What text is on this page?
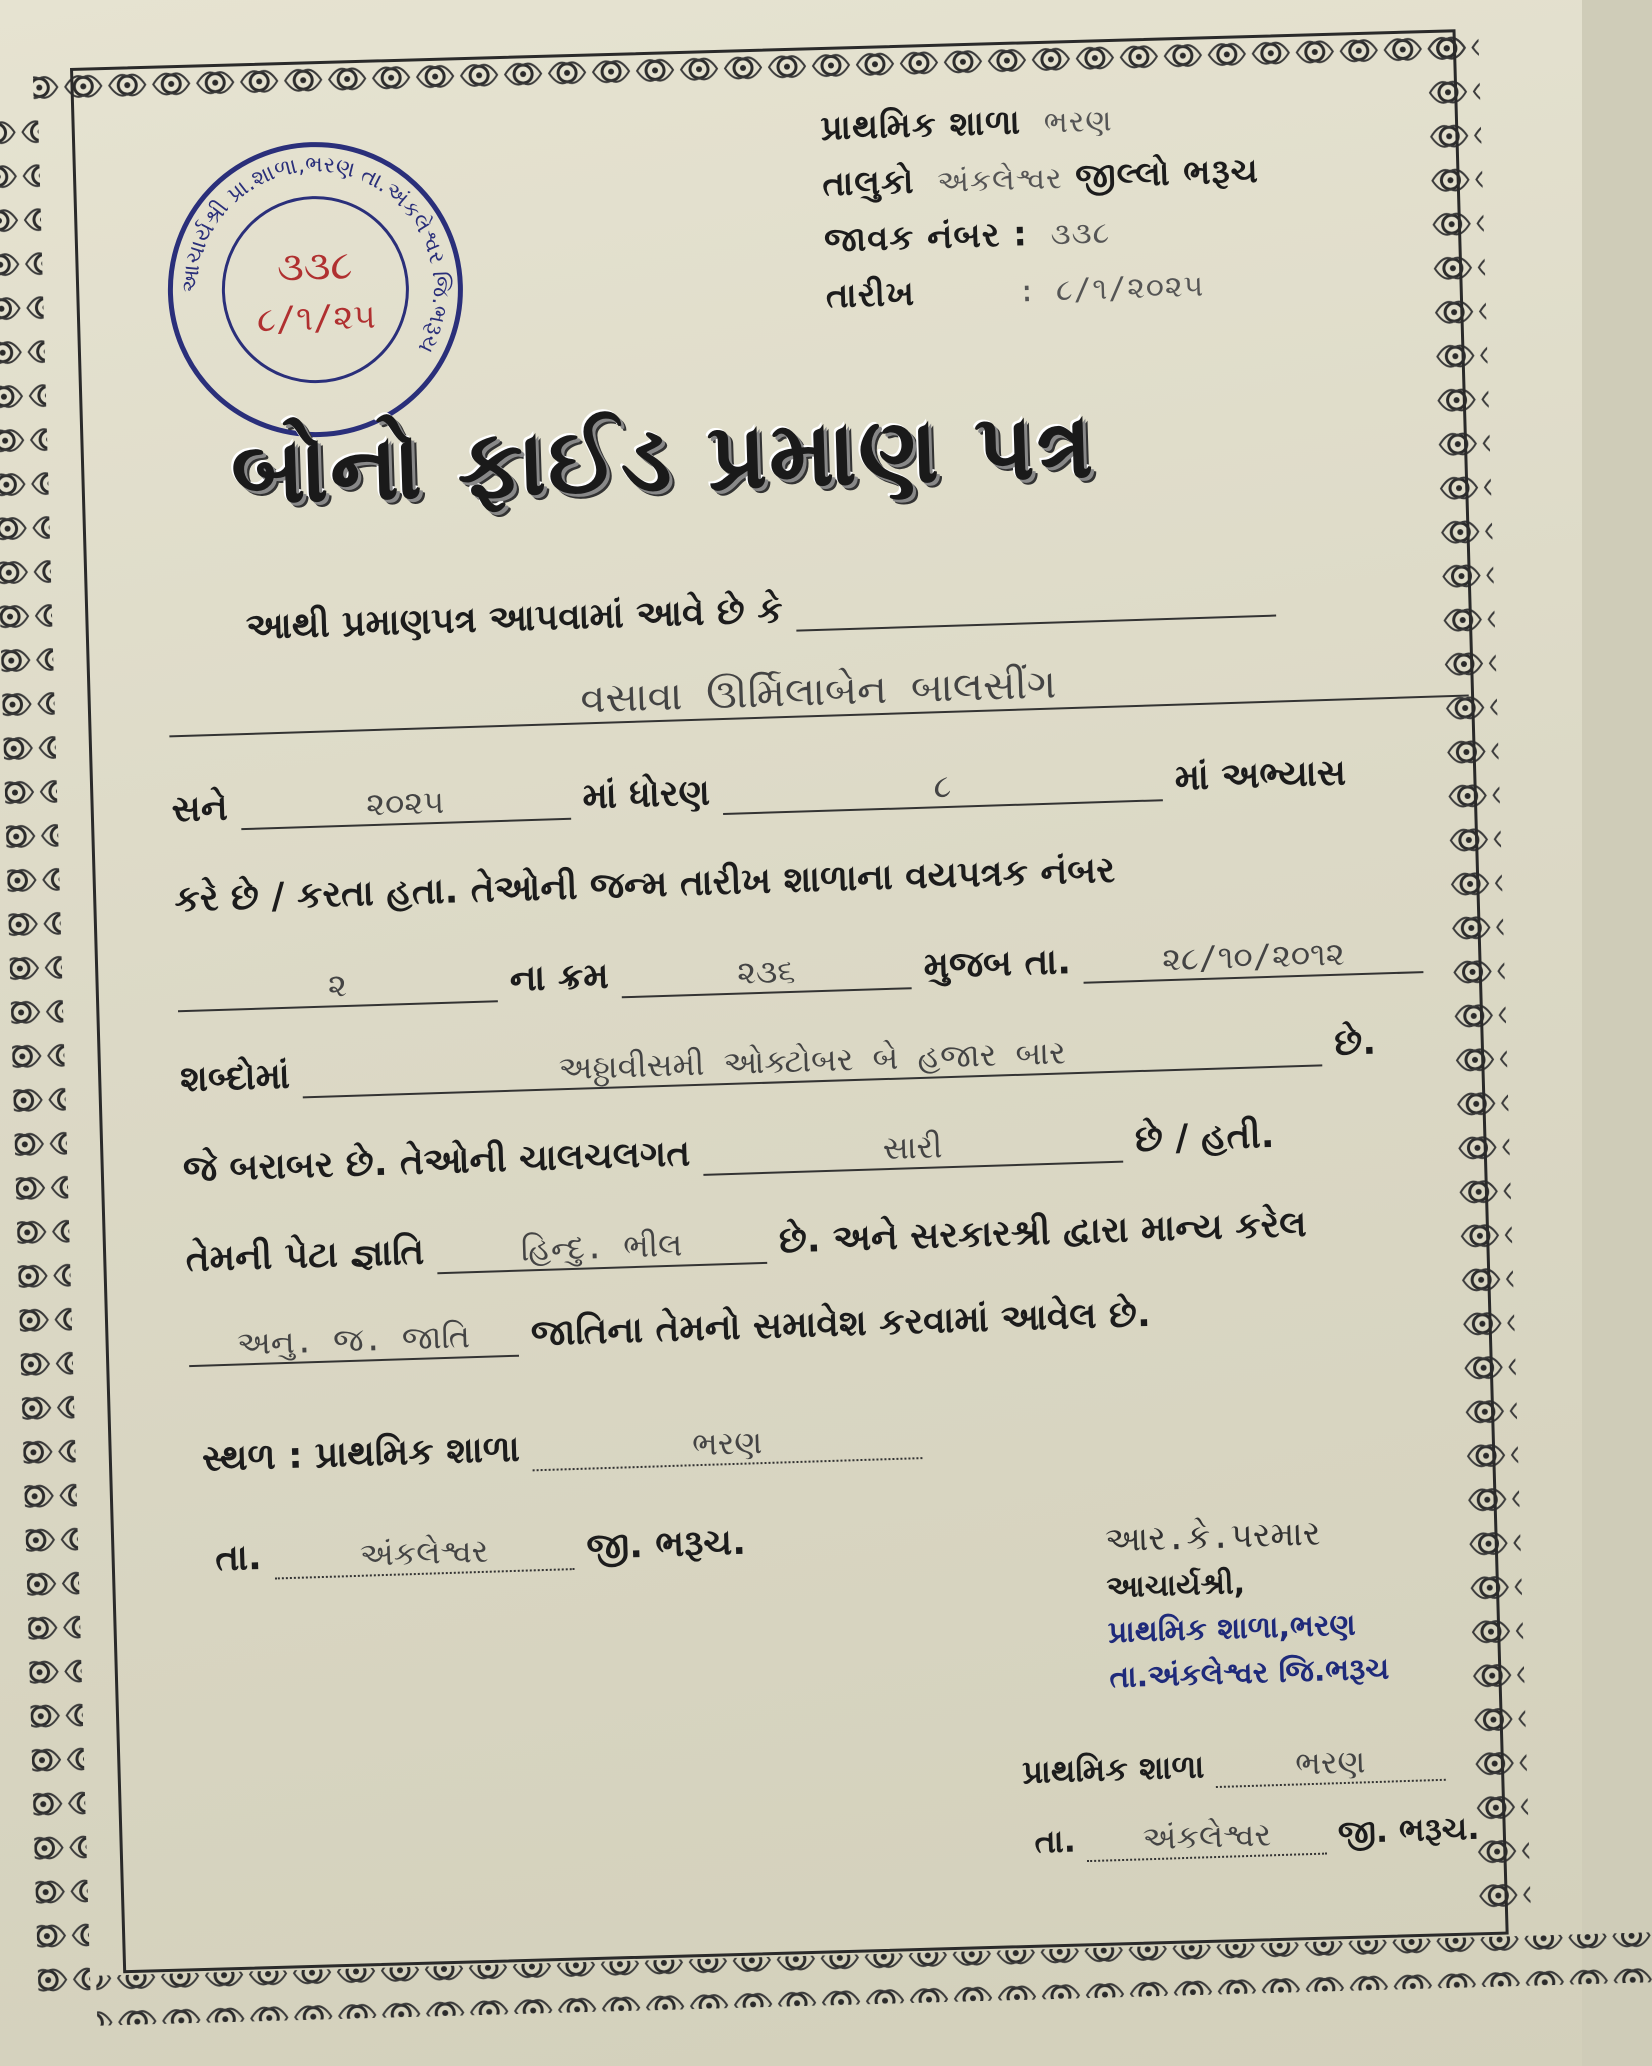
આચાર્યશ્રી પ્રા.શાળા,ભરણ તા.અંકલેશ્વર જિ.ભરૂચ
૩૩૮
૮/૧/૨૫
પ્રાથમિક શાળા ભરણ
તાલુકો અંકલેશ્વર જીલ્લો ભરૂચ
જાવક નંબર : ૩૩૮
તારીખ	: ૮/૧/૨૦૨૫
બોનો ફાઈડ પ્રમાણ પત્ર
આથી પ્રમાણપત્ર આપવામાં આવે છે કે
વસાવા ઊર્મિલાબેન બાલસીંગ
સને	૨૦૨૫	માં ધોરણ	૮	માં અભ્યાસ
કરે છે / કરતા હતા. તેઓની જન્મ તારીખ શાળાના વયપત્રક નંબર
૨	ના ક્રમ	૨૩૬	મુજબ તા.	૨૮/૧૦/૨૦૧૨
શબ્દોમાં	અઠ્ઠાવીસમી ઓક્ટોબર બે હજાર બાર	છે.
જે બરાબર છે. તેઓની ચાલચલગત	સારી	છે / હતી.
તેમની પેટા જ્ઞાતિ	હિન્દુ. ભીલ	છે. અને સરકારશ્રી દ્વારા માન્ય કરેલ
અનુ. જ. જાતિ જાતિના તેમનો સમાવેશ કરવામાં આવેલ છે.
સ્થળ : પ્રાથમિક શાળા	ભરણ
તા.	અંકલેશ્વર	જી. ભરૂચ.	આર.કે.પરમાર
આચાર્યશ્રી,
પ્રાથમિક શાળા,ભરણ
તા.અંકલેશ્વર જિ.ભરૂચ
પ્રાથમિક શાળા	ભરણ
તા. અંકલેશ્વર જી. ભરૂચ.
